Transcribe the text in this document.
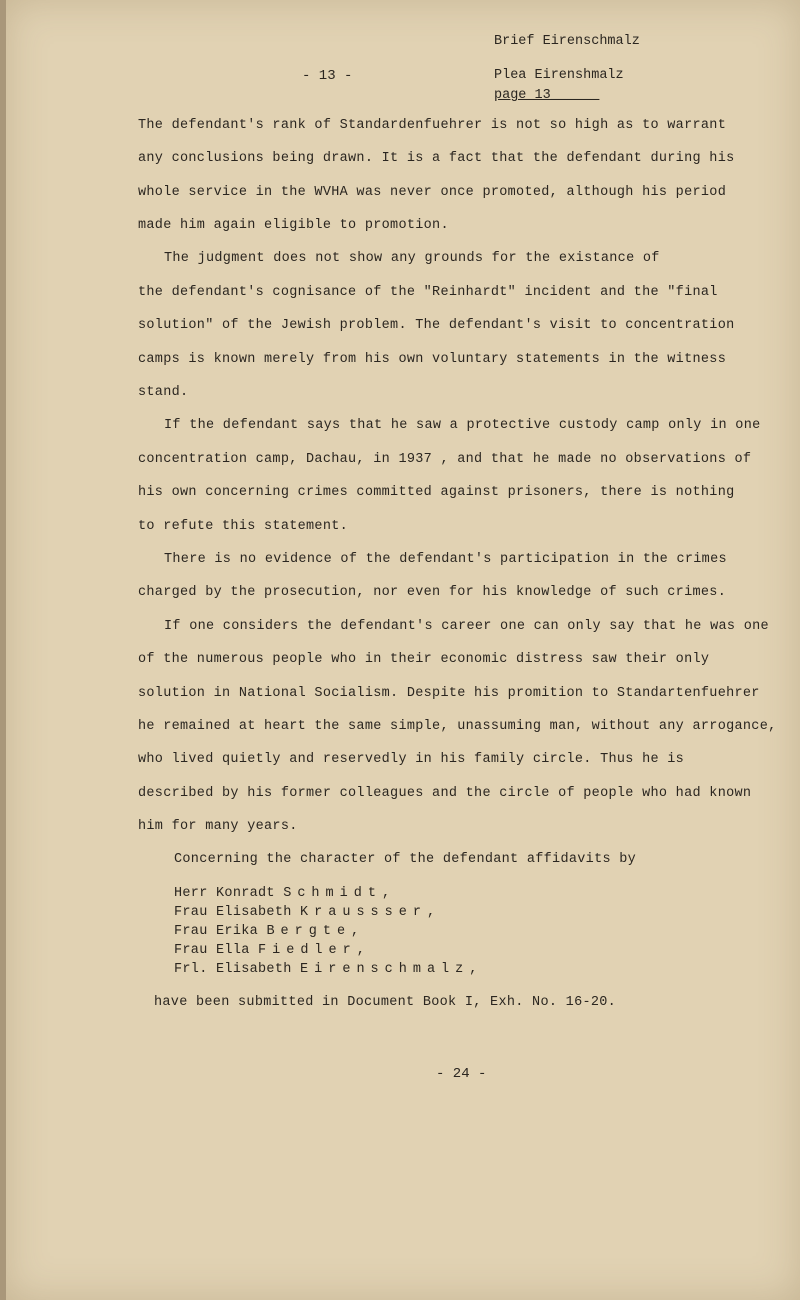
Brief Eirenschmalz
Plea Eirenshmalz
page 13______
- 13 -
The defendant's rank of Standardenfuehrer is not so high as to warrant
any conclusions being drawn. It is a fact that the defendant during his
whole service in the WVHA was never once promoted, although his period
made him again eligible to promotion.
The judgment does not show any grounds for the existance of
the defendant's cognisance of the "Reinhardt" incident and the "final
solution" of the Jewish problem. The defendant's visit to concentration
camps is known merely from his own voluntary statements in the witness
stand.
If the defendant says that he saw a protective custody camp only in one
concentration camp, Dachau, in 1937 , and that he made no observations of
his own concerning crimes committed against prisoners, there is nothing
to refute this statement.
There is no evidence of the defendant's participation in the crimes
charged by the prosecution, nor even for his knowledge of such crimes.
If one considers the defendant's career one can only say that he was one
of the numerous people who in their economic distress saw their only
solution in National Socialism. Despite his promition to Standartenfuehrer
he remained at heart the same simple, unassuming man, without any arrogance,
who lived quietly and reservedly in his family circle. Thus he is
described by his former colleagues and the circle of people who had known
him for many years.
Concerning the character of the defendant affidavits by
Herr Konradt Schmidt,
Frau Elisabeth Kraussser,
Frau Erika Bergte,
Frau Ella Fiedler,
Frl. Elisabeth Eirenschmalz,
have been submitted in Document Book I, Exh. No. 16-20.
- 24 -
